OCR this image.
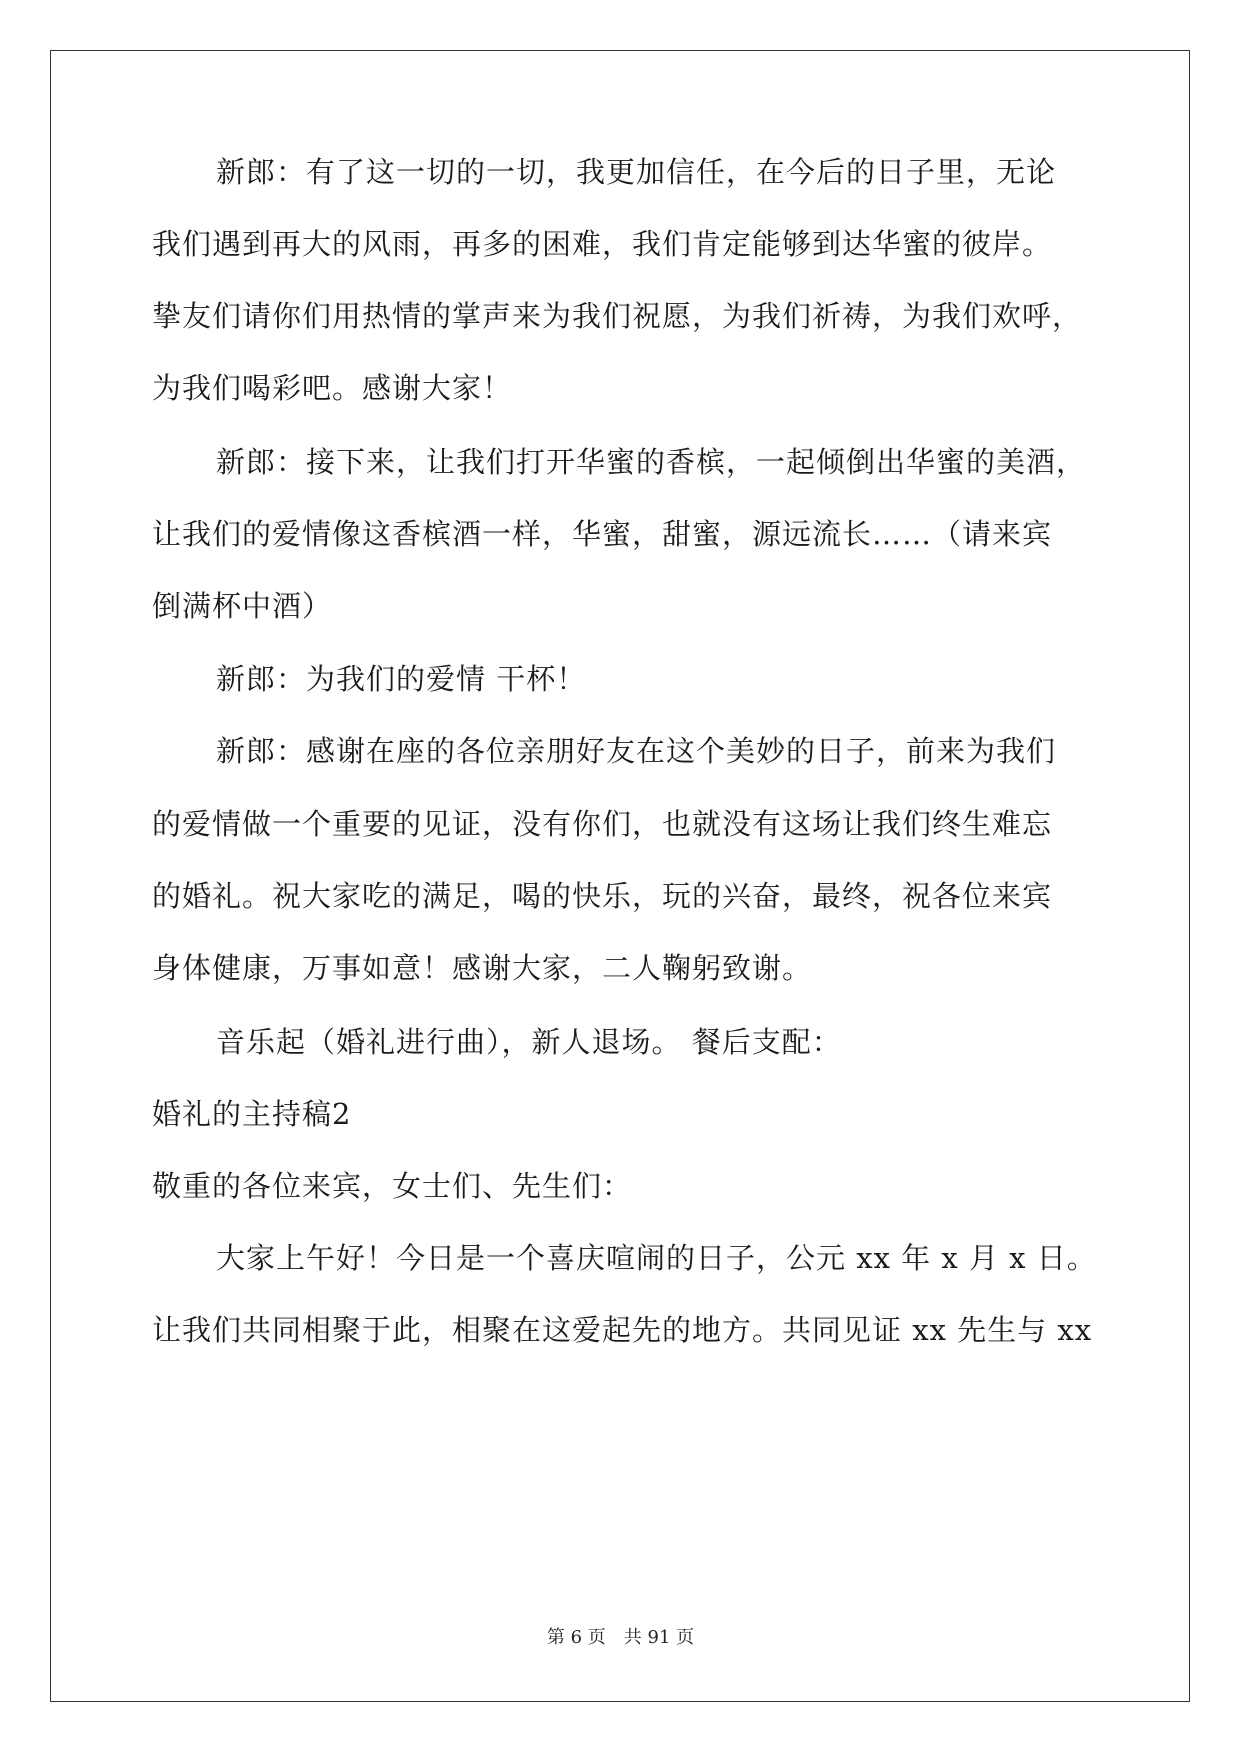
新郎：有了这一切的一切，我更加信任，在今后的日子里，无论
我们遇到再大的风雨，再多的困难，我们肯定能够到达华蜜的彼岸。
挚友们请你们用热情的掌声来为我们祝愿，为我们祈祷，为我们欢呼，
为我们喝彩吧。感谢大家！
新郎：接下来，让我们打开华蜜的香槟，一起倾倒出华蜜的美酒，
让我们的爱情像这香槟酒一样，华蜜，甜蜜，源远流长……（请来宾
倒满杯中酒）
新郎：为我们的爱情 干杯！
新郎：感谢在座的各位亲朋好友在这个美妙的日子，前来为我们
的爱情做一个重要的见证，没有你们，也就没有这场让我们终生难忘
的婚礼。祝大家吃的满足，喝的快乐，玩的兴奋，最终，祝各位来宾
身体健康，万事如意！感谢大家，二人鞠躬致谢。
音乐起（婚礼进行曲），新人退场。 餐后支配：
婚礼的主持稿2
敬重的各位来宾，女士们、先生们：
大家上午好！今日是一个喜庆喧闹的日子，公元 xx 年 x 月 x 日。
让我们共同相聚于此，相聚在这爱起先的地方。共同见证 xx 先生与 xx
第 6 页　共 91 页
